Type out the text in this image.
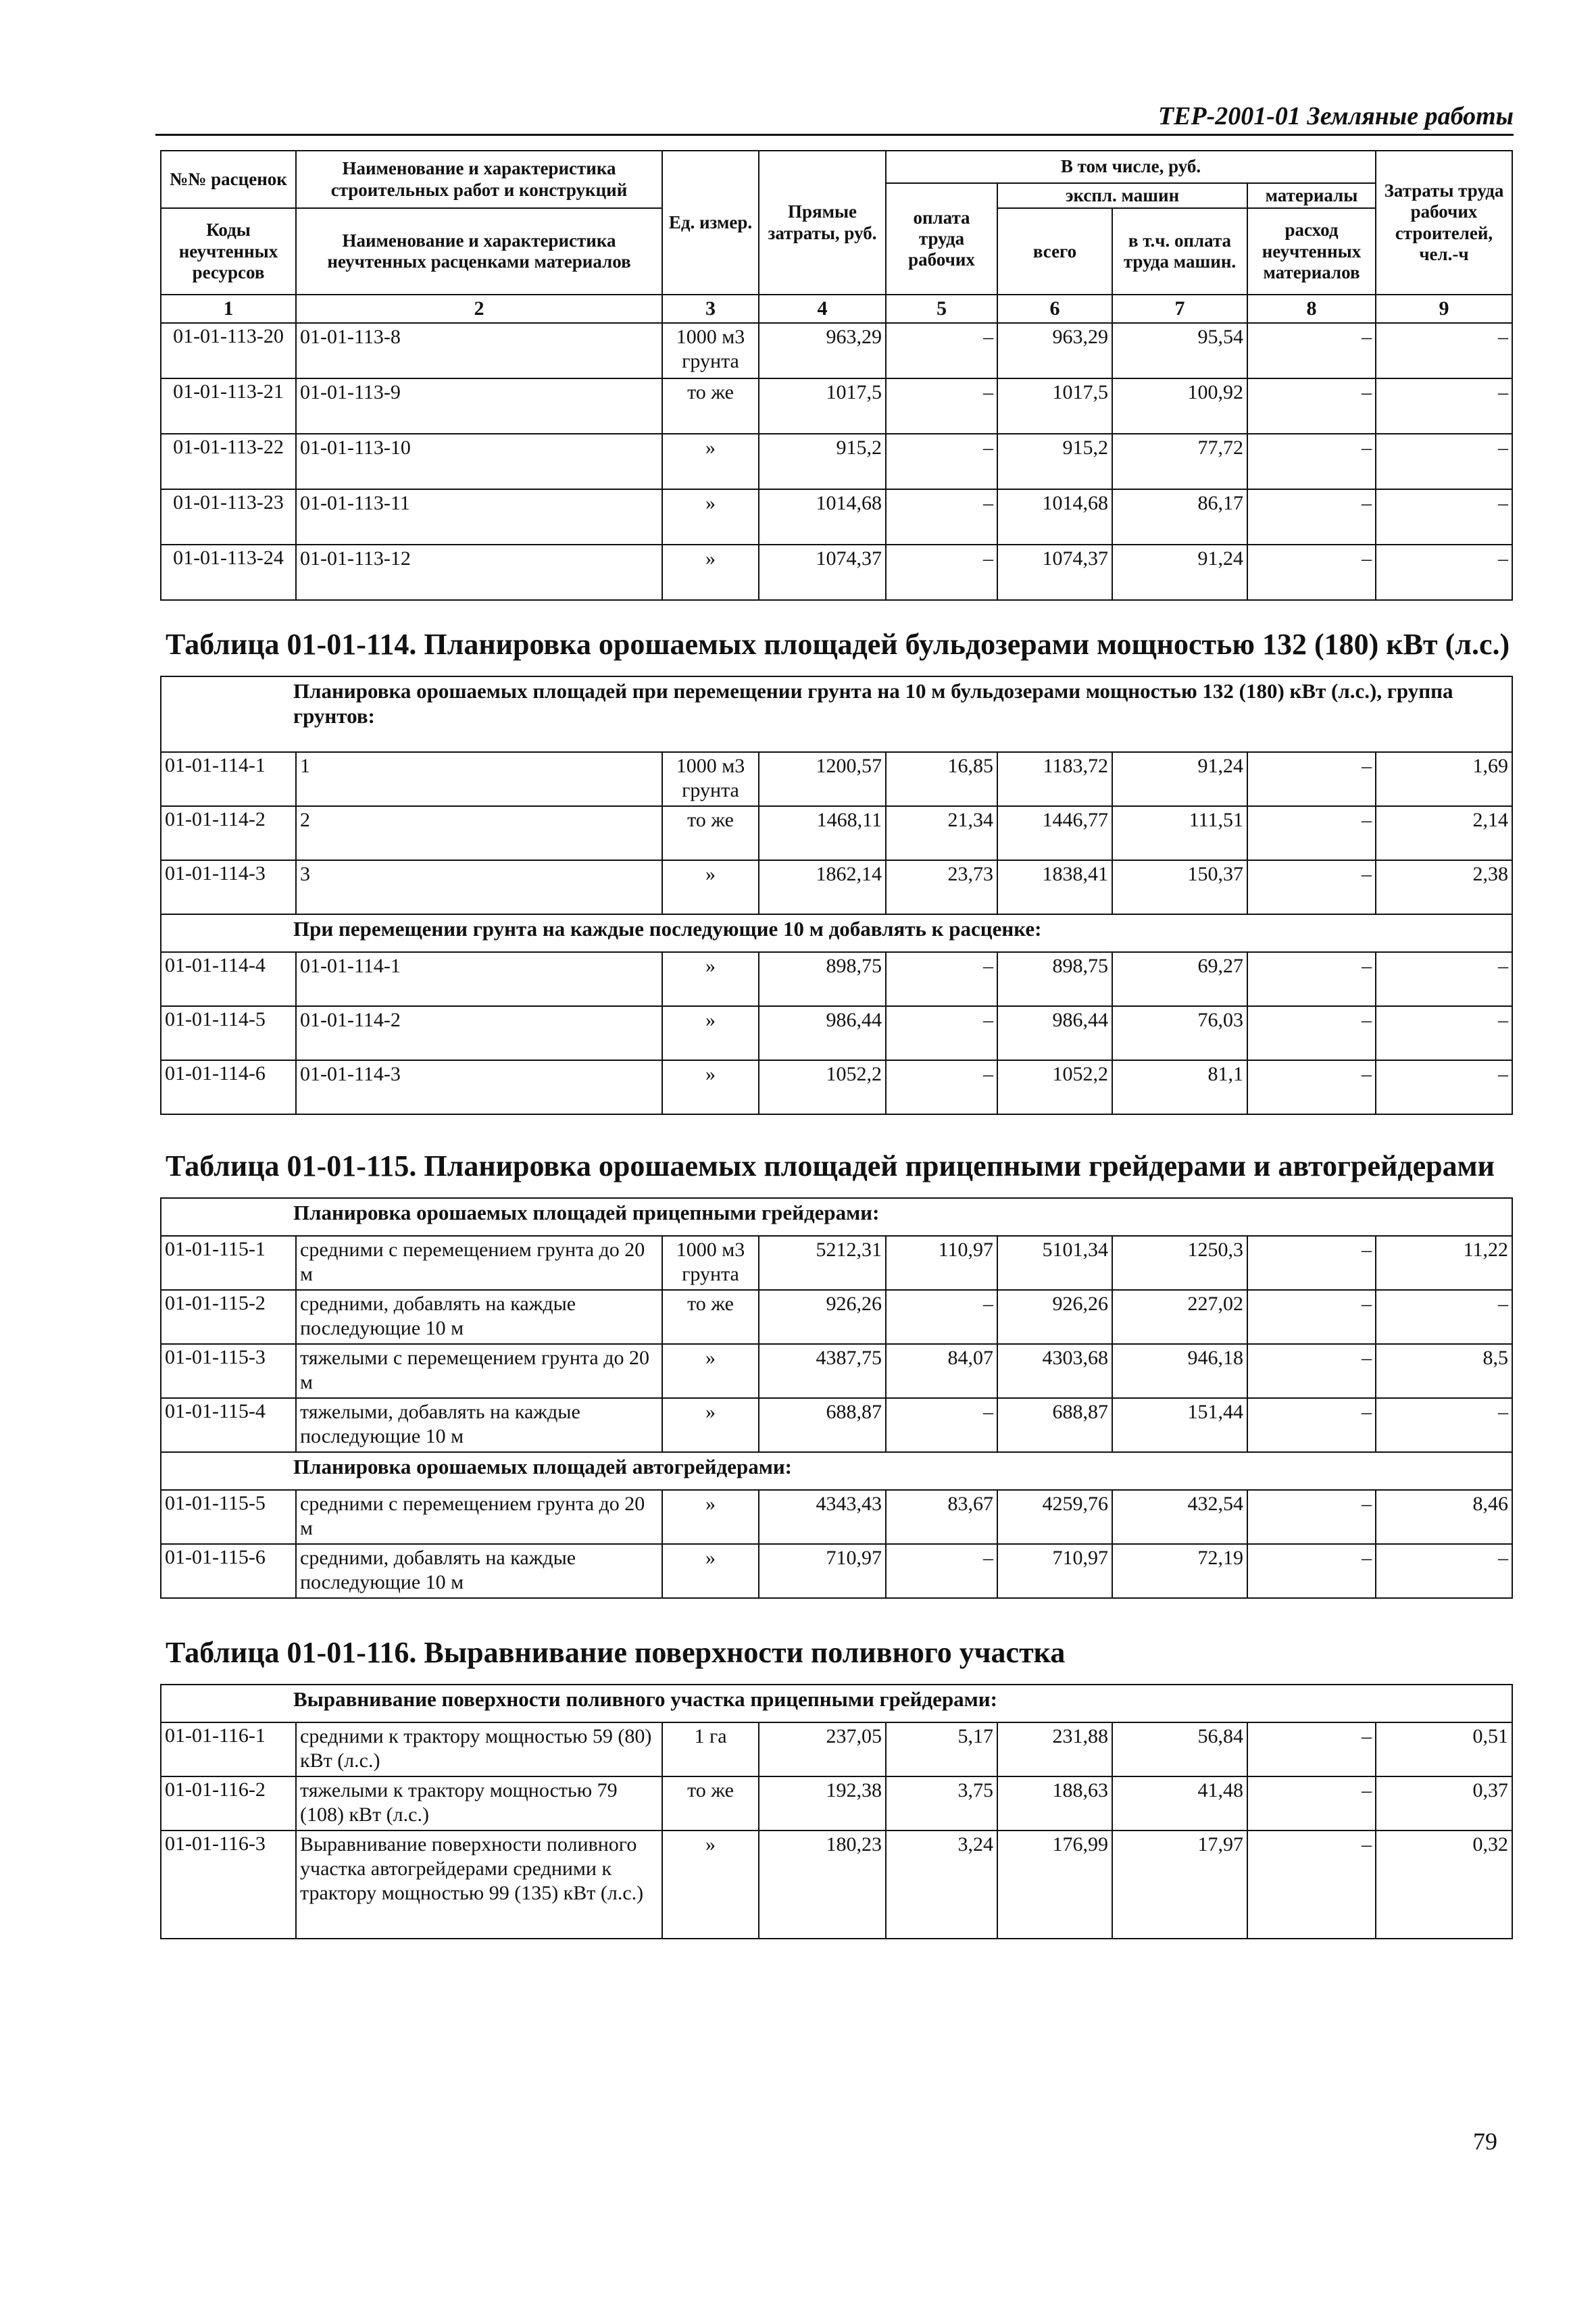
ТЕР-2001-01 Земляные работы
№№ расценок	Наименование и характеристика строительных работ и конструкций	Ед. измер.	Прямые затраты, руб.	В том числе, руб.				Затраты труда рабочих строителей, чел.-ч
				оплата труда рабочих	экспл. машин		материалы	
Коды неучтенных ресурсов	Наименование и характеристика неучтенных расценками материалов				всего	в т.ч. оплата труда машин.	расход неучтенных материалов	

1	2	3	4	5	6	7	8	9
01-01-113-20	01-01-113-8	1000 м3 грунта	963,29	–	963,29	95,54	–	–
01-01-113-21	01-01-113-9	то же	1017,5	–	1017,5	100,92	–	–
01-01-113-22	01-01-113-10	»	915,2	–	915,2	77,72	–	–
01-01-113-23	01-01-113-11	»	1014,68	–	1014,68	86,17	–	–
01-01-113-24	01-01-113-12	»	1074,37	–	1074,37	91,24	–	–
Таблица 01-01-114. Планировка орошаемых площадей бульдозерами мощностью 132 (180) кВт (л.с.)
Планировка орошаемых площадей при перемещении грунта на 10 м бульдозерами мощностью 132 (180) кВт (л.с.), группа грунтов:								
01-01-114-1	1	1000 м3 грунта	1200,57	16,85	1183,72	91,24	–	1,69
01-01-114-2	2	то же	1468,11	21,34	1446,77	111,51	–	2,14
01-01-114-3	3	»	1862,14	23,73	1838,41	150,37	–	2,38
При перемещении грунта на каждые последующие 10 м добавлять к расценке:								
01-01-114-4	01-01-114-1	»	898,75	–	898,75	69,27	–	–
01-01-114-5	01-01-114-2	»	986,44	–	986,44	76,03	–	–
01-01-114-6	01-01-114-3	»	1052,2	–	1052,2	81,1	–	–
Таблица 01-01-115. Планировка орошаемых площадей прицепными грейдерами и автогрейдерами
Планировка орошаемых площадей прицепными грейдерами:								
01-01-115-1	средними с перемещением грунта до 20 м	1000 м3 грунта	5212,31	110,97	5101,34	1250,3	–	11,22
01-01-115-2	средними, добавлять на каждые последующие 10 м	то же	926,26	–	926,26	227,02	–	–
01-01-115-3	тяжелыми с перемещением грунта до 20 м	»	4387,75	84,07	4303,68	946,18	–	8,5
01-01-115-4	тяжелыми, добавлять на каждые последующие 10 м	»	688,87	–	688,87	151,44	–	–
Планировка орошаемых площадей автогрейдерами:								
01-01-115-5	средними с перемещением грунта до 20 м	»	4343,43	83,67	4259,76	432,54	–	8,46
01-01-115-6	средними, добавлять на каждые последующие 10 м	»	710,97	–	710,97	72,19	–	–
Таблица 01-01-116. Выравнивание поверхности поливного участка
Выравнивание поверхности поливного участка прицепными грейдерами:								
01-01-116-1	средними к трактору мощностью 59 (80) кВт (л.с.)	1 га	237,05	5,17	231,88	56,84	–	0,51
01-01-116-2	тяжелыми к трактору мощностью 79 (108) кВт (л.с.)	то же	192,38	3,75	188,63	41,48	–	0,37
01-01-116-3	Выравнивание поверхности поливного участка автогрейдерами средними к трактору мощностью 99 (135) кВт (л.с.)	»	180,23	3,24	176,99	17,97	–	0,32
79
